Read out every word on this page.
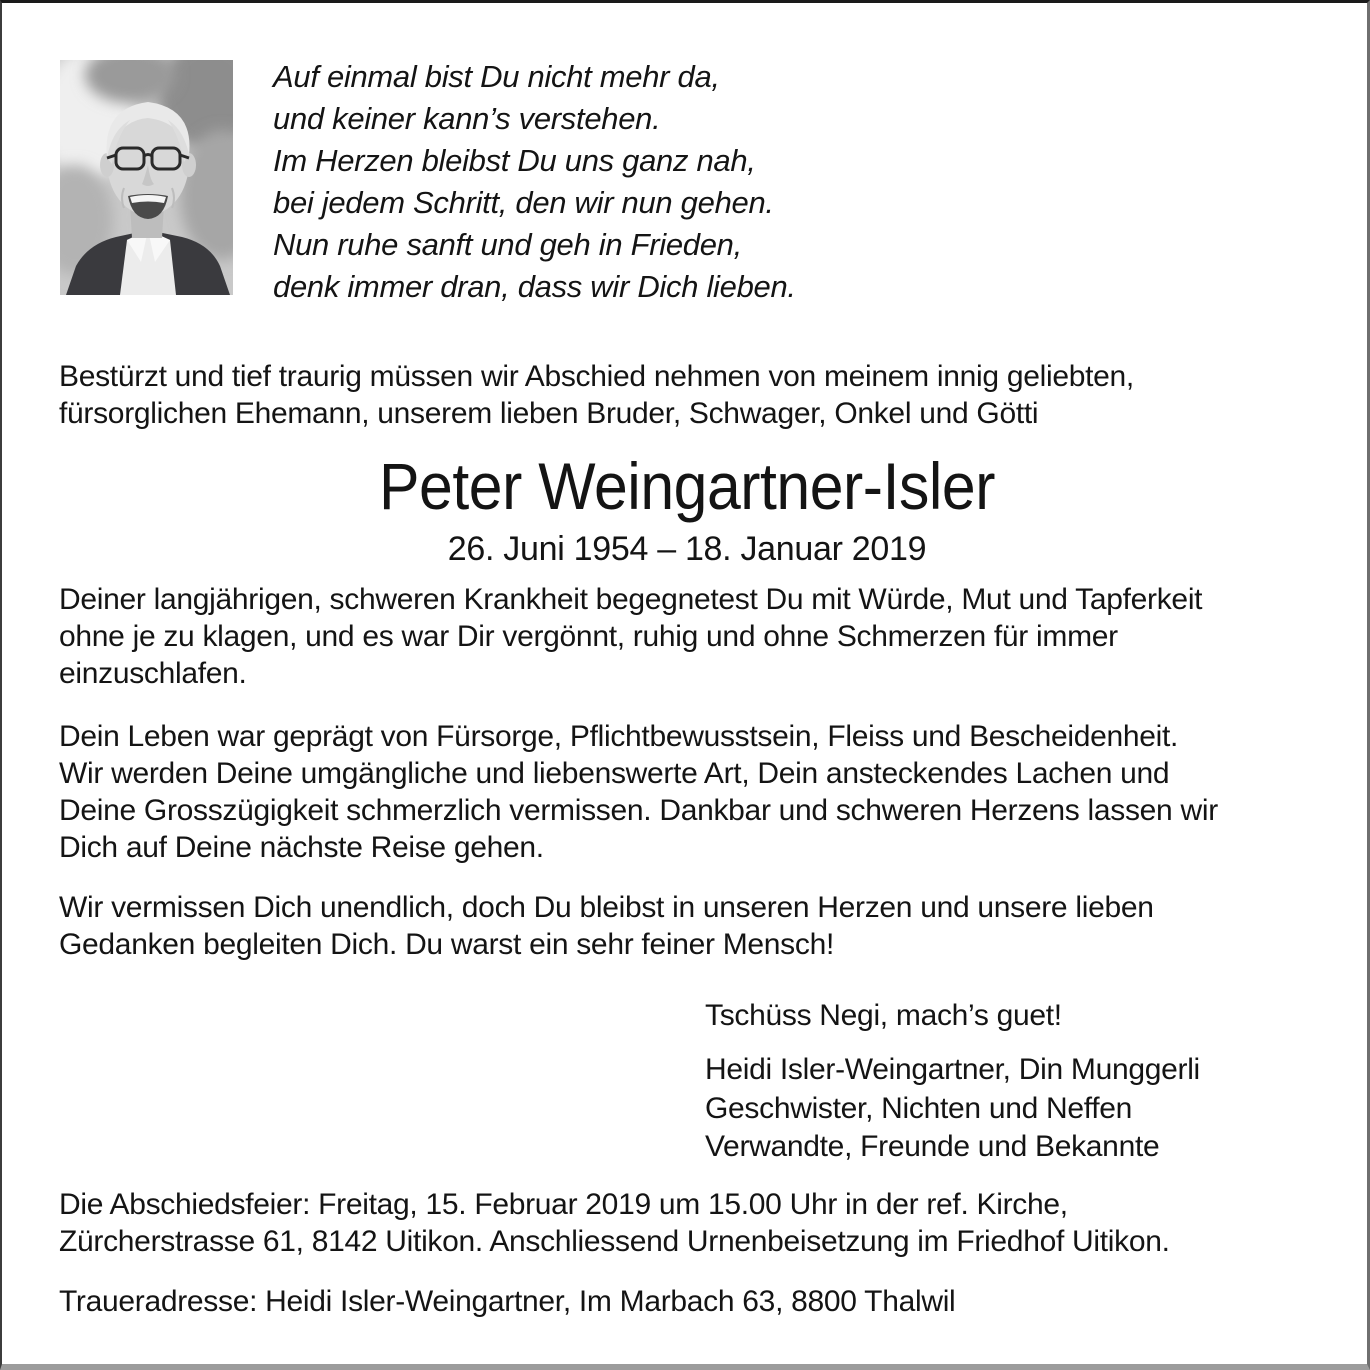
Auf einmal bist Du nicht mehr da,
und keiner kann’s verstehen.
Im Herzen bleibst Du uns ganz nah,
bei jedem Schritt, den wir nun gehen.
Nun ruhe sanft und geh in Frieden,
denk immer dran, dass wir Dich lieben.
Bestürzt und tief traurig müssen wir Abschied nehmen von meinem innig geliebten,
fürsorglichen Ehemann, unserem lieben Bruder, Schwager, Onkel und Götti
Peter Weingartner-Isler
26. Juni 1954 – 18. Januar 2019
Deiner langjährigen, schweren Krankheit begegnetest Du mit Würde, Mut und Tapferkeit
ohne je zu klagen, und es war Dir vergönnt, ruhig und ohne Schmerzen für immer
einzuschlafen.
Dein Leben war geprägt von Fürsorge, Pflichtbewusstsein, Fleiss und Bescheidenheit.
Wir werden Deine umgängliche und liebenswerte Art, Dein ansteckendes Lachen und
Deine Grosszügigkeit schmerzlich vermissen. Dankbar und schweren Herzens lassen wir
Dich auf Deine nächste Reise gehen.
Wir vermissen Dich unendlich, doch Du bleibst in unseren Herzen und unsere lieben
Gedanken begleiten Dich. Du warst ein sehr feiner Mensch!
Tschüss Negi, mach’s guet!
Heidi Isler-Weingartner, Din Munggerli
Geschwister, Nichten und Neffen
Verwandte, Freunde und Bekannte
Die Abschiedsfeier: Freitag, 15. Februar 2019 um 15.00 Uhr in der ref. Kirche,
Zürcherstrasse 61, 8142 Uitikon. Anschliessend Urnenbeisetzung im Friedhof Uitikon.
Traueradresse: Heidi Isler-Weingartner, Im Marbach 63, 8800 Thalwil
